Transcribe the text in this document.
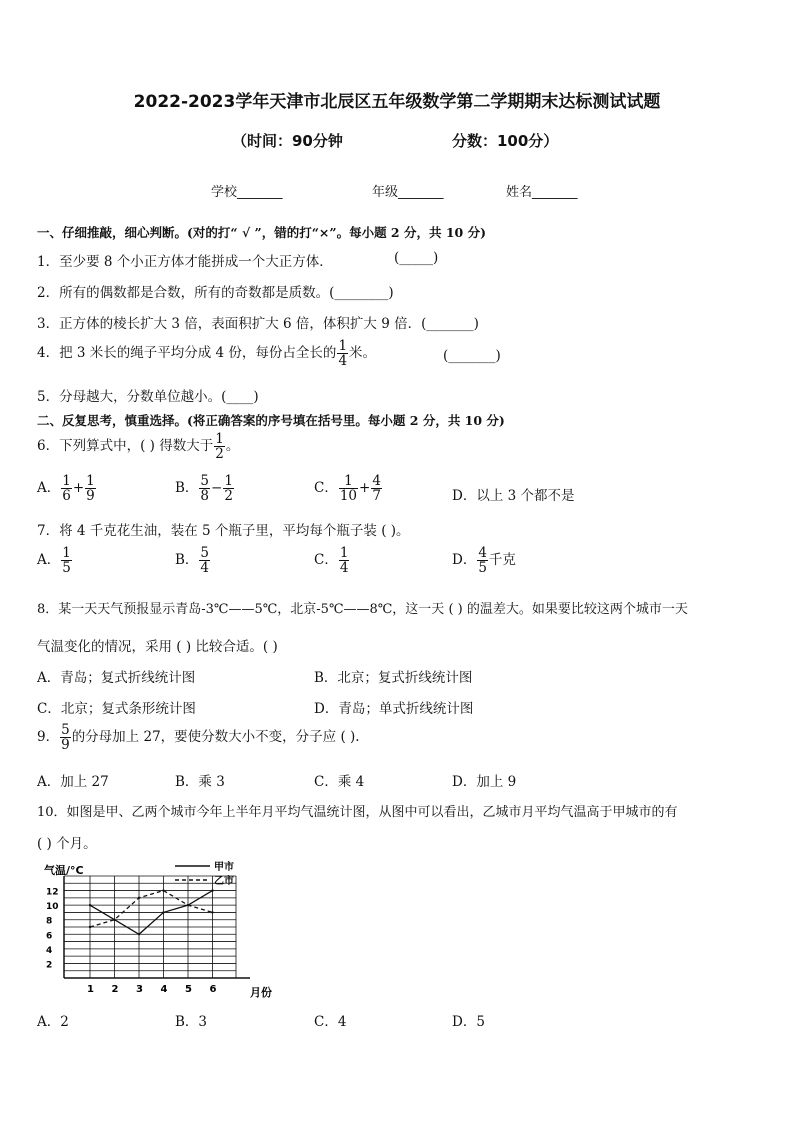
2022-2023学年天津市北辰区五年级数学第二学期期末达标测试试题
（时间：90分钟	分数：100分）
学校_______	年级_______	姓名_______
一、仔细推敲，细心判断。(对的打“ √ ”，错的打“×”。每小题 2 分，共 10 分)
1．至少要 8 个小正方体才能拼成一个大正方体．	(_____)
2．所有的偶数都是合数，所有的奇数都是质数。(________)
3．正方体的棱长扩大 3 倍，表面积扩大 6 倍，体积扩大 9 倍．(_______)
4．把 3 米长的绳子平均分成 4 份，每份占全长的 $\frac{1}{4}$ 米。	(_______)
5．分母越大，分数单位越小。(____)
二、反复思考，慎重选择。(将正确答案的序号填在括号里。每小题 2 分，共 10 分)
6．下列算式中，( ) 得数大于 $\frac{1}{2}$ 。
A． $\frac{1}{6} + \frac{1}{9}$	B． $\frac{5}{8} - \frac{1}{2}$	C． $\frac{1}{10} + \frac{4}{7}$	D．以上 3 个都不是
7．将 4 千克花生油，装在 5 个瓶子里，平均每个瓶子装 ( )。
A． $\frac{1}{5}$	B． $\frac{5}{4}$	C． $\frac{1}{4}$	D． $\frac{4}{5}$ 千克
8．某一天天气预报显示青岛-3℃——5℃，北京-5℃——8℃，这一天 ( ) 的温差大。如果要比较这两个城市一天
气温变化的情况，采用 ( ) 比较合适。( )
A．青岛；复式折线统计图	B．北京；复式折线统计图
C．北京；复式条形统计图	D．青岛；单式折线统计图
9． $\frac{5}{9}$ 的分母加上 27，要使分数大小不变，分子应 ( ).
A．加上 27	B．乘 3	C．乘 4	D．加上 9
10．如图是甲、乙两个城市今年上半年月平均气温统计图，从图中可以看出，乙城市月平均气温高于甲城市的有
( ) 个月。
气温/°C
月份
甲市
乙市
2
4
6
8
10
12
1 2 3 4 5 6
A．2	B．3	C．4	D．5
